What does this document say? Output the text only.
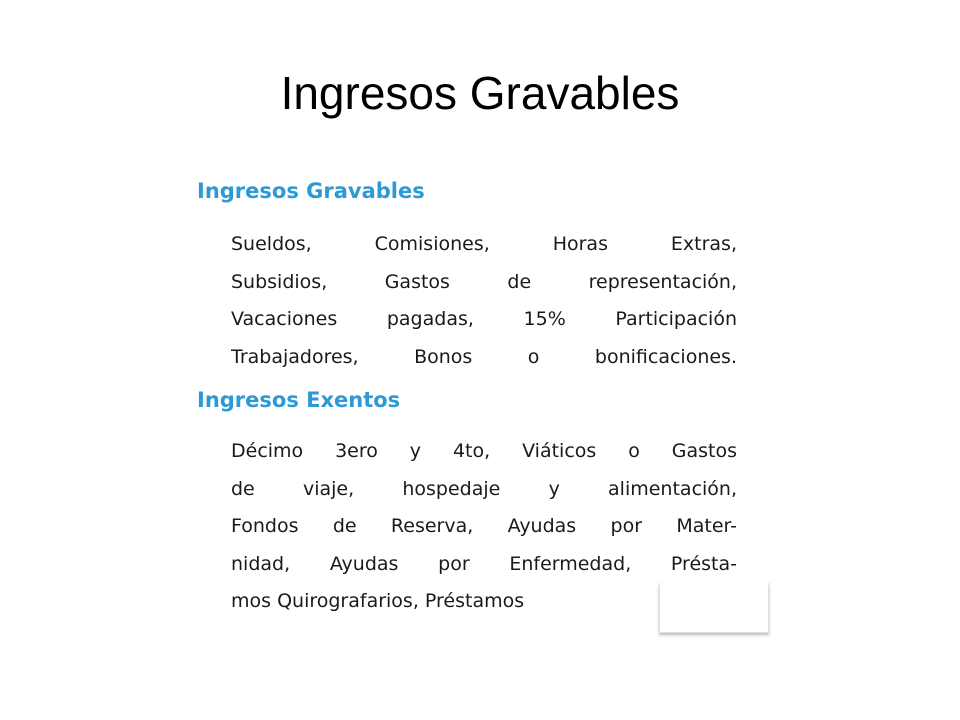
Ingresos Gravables
Ingresos Gravables
Sueldos, Comisiones, Horas Extras,
Subsidios, Gastos de representación,
Vacaciones pagadas, 15% Participación
Trabajadores, Bonos o bonificaciones.
Ingresos Exentos
Décimo 3ero y 4to, Viáticos o Gastos
de viaje, hospedaje y alimentación,
Fondos de Reserva, Ayudas por Mater-
nidad, Ayudas por Enfermedad, Présta-
mos Quirografarios, Préstamos
